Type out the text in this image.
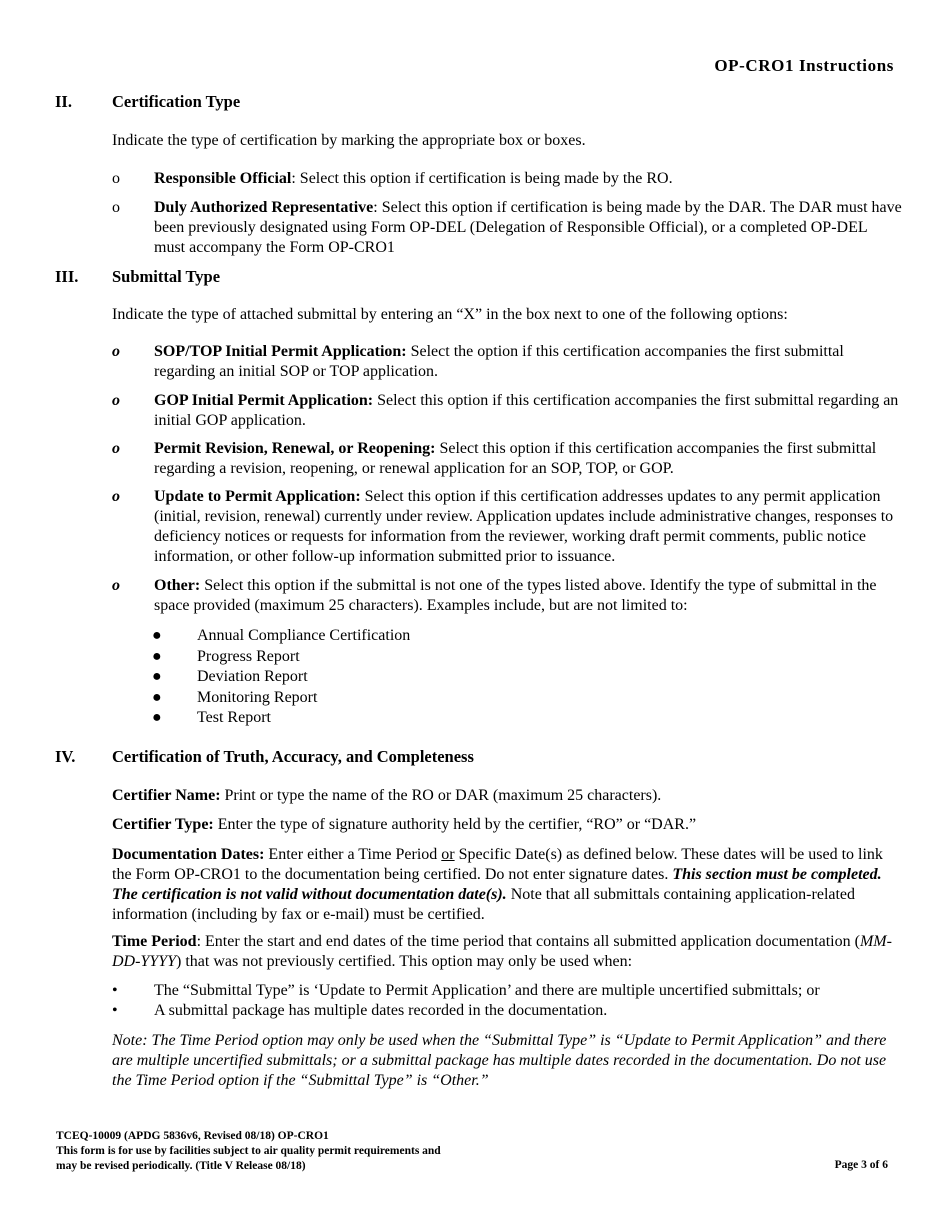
OP-CRO1 Instructions
II.	Certification Type
Indicate the type of certification by marking the appropriate box or boxes.
o Responsible Official: Select this option if certification is being made by the RO.
o Duly Authorized Representative: Select this option if certification is being made by the DAR. The DAR must have been previously designated using Form OP-DEL (Delegation of Responsible Official), or a completed OP-DEL must accompany the Form OP-CRO1
III.	Submittal Type
Indicate the type of attached submittal by entering an “X” in the box next to one of the following options:
o SOP/TOP Initial Permit Application: Select the option if this certification accompanies the first submittal regarding an initial SOP or TOP application.
o GOP Initial Permit Application: Select this option if this certification accompanies the first submittal regarding an initial GOP application.
o Permit Revision, Renewal, or Reopening: Select this option if this certification accompanies the first submittal regarding a revision, reopening, or renewal application for an SOP, TOP, or GOP.
o Update to Permit Application: Select this option if this certification addresses updates to any permit application (initial, revision, renewal) currently under review. Application updates include administrative changes, responses to deficiency notices or requests for information from the reviewer, working draft permit comments, public notice information, or other follow-up information submitted prior to issuance.
o Other: Select this option if the submittal is not one of the types listed above. Identify the type of submittal in the space provided (maximum 25 characters). Examples include, but are not limited to:
●	Annual Compliance Certification
●	Progress Report
●	Deviation Report
●	Monitoring Report
●	Test Report
IV.	Certification of Truth, Accuracy, and Completeness
Certifier Name: Print or type the name of the RO or DAR (maximum 25 characters).
Certifier Type: Enter the type of signature authority held by the certifier, “RO” or “DAR.”
Documentation Dates: Enter either a Time Period or Specific Date(s) as defined below. These dates will be used to link the Form OP-CRO1 to the documentation being certified. Do not enter signature dates. This section must be completed. The certification is not valid without documentation date(s). Note that all submittals containing application-related information (including by fax or e-mail) must be certified.
Time Period: Enter the start and end dates of the time period that contains all submitted application documentation (MM-DD-YYYY) that was not previously certified. This option may only be used when:
•	The “Submittal Type” is ‘Update to Permit Application’ and there are multiple uncertified submittals; or
•	A submittal package has multiple dates recorded in the documentation.
Note: The Time Period option may only be used when the “Submittal Type” is “Update to Permit Application” and there are multiple uncertified submittals; or a submittal package has multiple dates recorded in the documentation. Do not use the Time Period option if the “Submittal Type” is “Other.”
TCEQ-10009 (APDG 5836v6, Revised 08/18) OP-CRO1
This form is for use by facilities subject to air quality permit requirements and
may be revised periodically. (Title V Release 08/18)	Page 3 of 6
